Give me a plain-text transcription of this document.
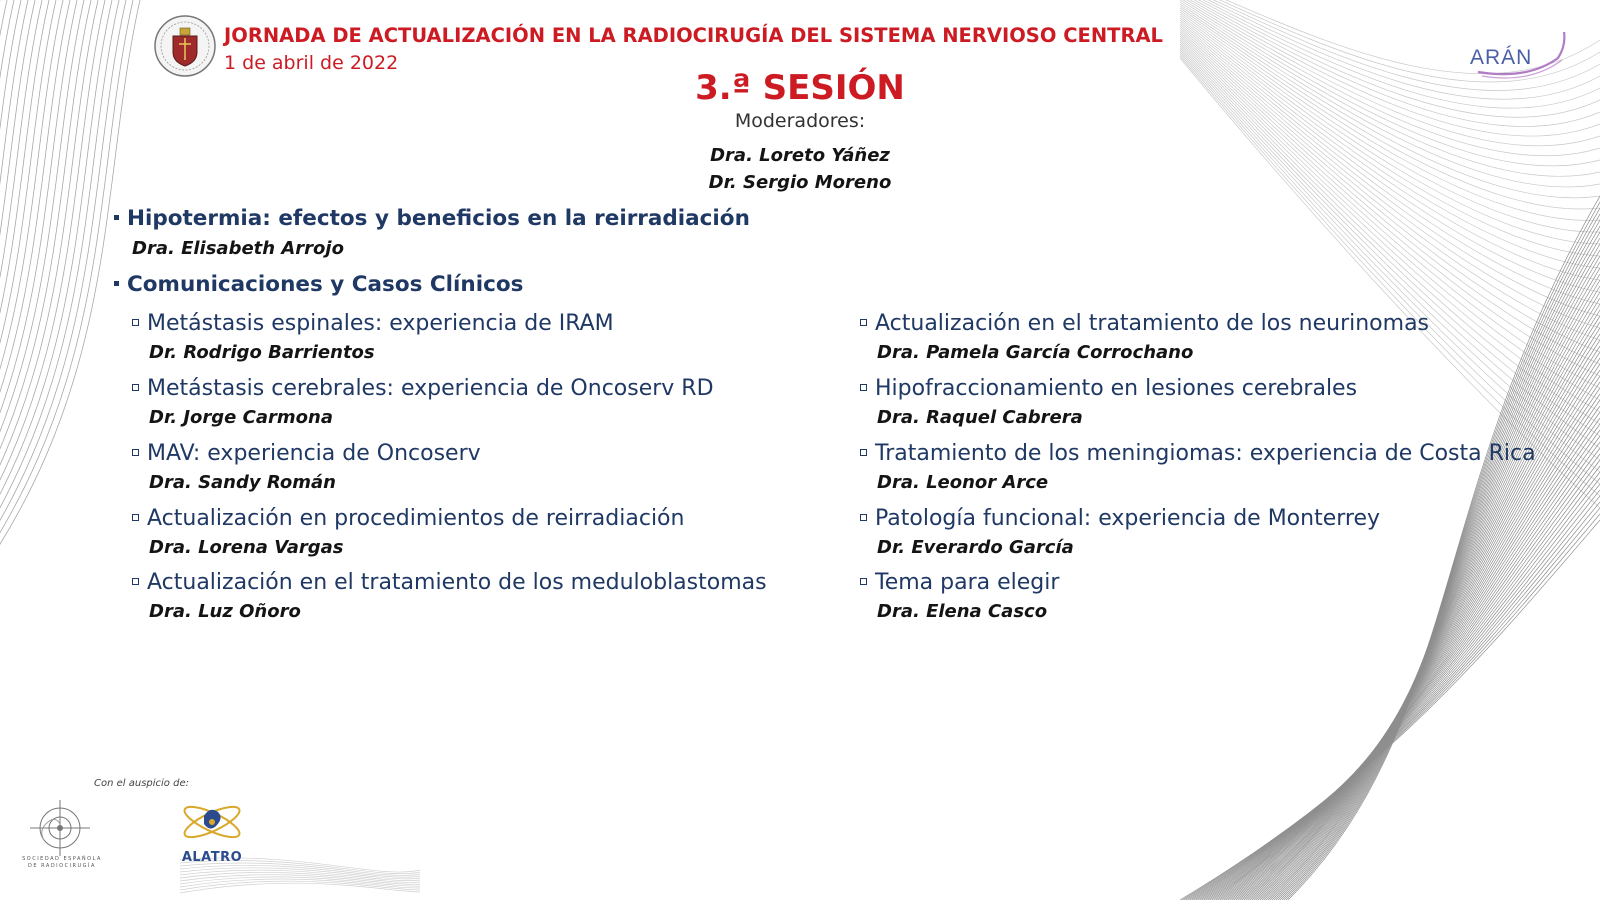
JORNADA DE ACTUALIZACIÓN EN LA RADIOCIRUGÍA DEL SISTEMA NERVIOSO CENTRAL
1 de abril de 2022	ARÁN
3.ª SESIÓN
Moderadores:
Dra. Loreto Yáñez
Dr. Sergio Moreno
Hipotermia: efectos y beneficios en la reirradiación
Dra. Elisabeth Arrojo
Comunicaciones y Casos Clínicos
Metástasis espinales: experiencia de IRAM
Dr. Rodrigo Barrientos
Metástasis cerebrales: experiencia de Oncoserv RD
Dr. Jorge Carmona
MAV: experiencia de Oncoserv
Dra. Sandy Román
Actualización en procedimientos de reirradiación
Dra. Lorena Vargas
Actualización en el tratamiento de los meduloblastomas
Dra. Luz Oñoro
Actualización en el tratamiento de los neurinomas
Dra. Pamela García Corrochano
Hipofraccionamiento en lesiones cerebrales
Dra. Raquel Cabrera
Tratamiento de los meningiomas: experiencia de Costa Rica
Dra. Leonor Arce
Patología funcional: experiencia de Monterrey
Dr. Everardo García
Tema para elegir
Dra. Elena Casco
Con el auspicio de:
SOCIEDAD ESPAÑOLA DE RADIOCIRUGÍA
ALATRO
